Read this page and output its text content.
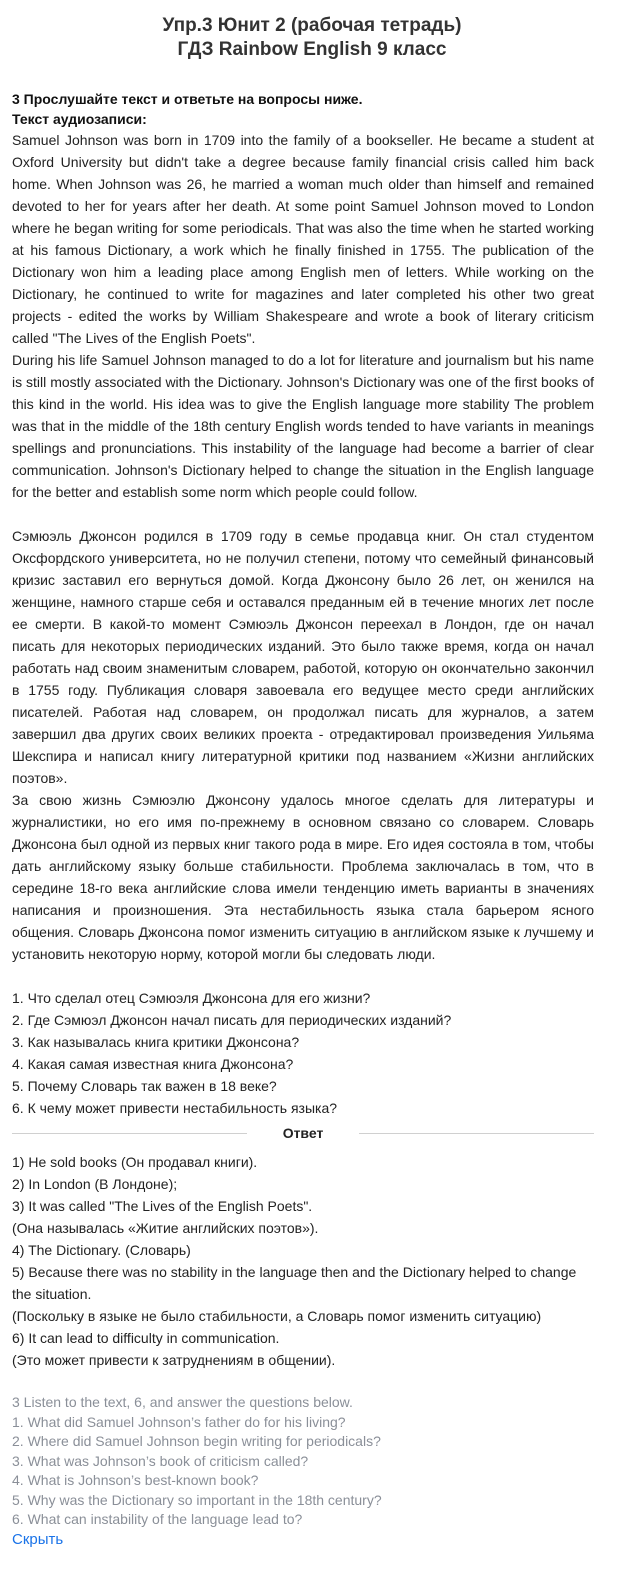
Упр.3 Юнит 2 (рабочая тетрадь)
ГДЗ Rainbow English 9 класс
3 Прослушайте текст и ответьте на вопросы ниже.
Текст аудиозаписи:

Samuel Johnson was born in 1709 into the family of a bookseller. He became a student at Oxford University but didn't take a degree because family financial crisis called him back home. When Johnson was 26, he married a woman much older than himself and remained devoted to her for years after her death. At some point Samuel Johnson moved to London where he began writing for some periodicals. That was also the time when he started working at his famous Dictionary, a work which he finally finished in 1755. The publication of the Dictionary won him a leading place among English men of letters. While working on the Dictionary, he continued to write for magazines and later completed his other two great projects - edited the works by William Shakespeare and wrote a book of literary criticism called "The Lives of the English Poets".

During his life Samuel Johnson managed to do a lot for literature and journalism but his name is still mostly associated with the Dictionary. Johnson's Dictionary was one of the first books of this kind in the world. His idea was to give the English language more stability The problem was that in the middle of the 18th century English words tended to have variants in meanings spellings and pronunciations. This instability of the language had become a barrier of clear communication. Johnson's Dictionary helped to change the situation in the English language for the better and establish some norm which people could follow.

Сэмюэль Джонсон родился в 1709 году в семье продавца книг. Он стал студентом Оксфордского университета, но не получил степени, потому что семейный финансовый кризис заставил его вернуться домой. Когда Джонсону было 26 лет, он женился на женщине, намного старше себя и оставался преданным ей в течение многих лет после ее смерти. В какой-то момент Сэмюэль Джонсон переехал в Лондон, где он начал писать для некоторых периодических изданий. Это было также время, когда он начал работать над своим знаменитым словарем, работой, которую он окончательно закончил в 1755 году. Публикация словаря завоевала его ведущее место среди английских писателей. Работая над словарем, он продолжал писать для журналов, а затем завершил два других своих великих проекта - отредактировал произведения Уильяма Шекспира и написал книгу литературной критики под названием «Жизни английских поэтов».

За свою жизнь Сэмюэлю Джонсону удалось многое сделать для литературы и журналистики, но его имя по-прежнему в основном связано со словарем. Словарь Джонсона был одной из первых книг такого рода в мире. Его идея состояла в том, чтобы дать английскому языку больше стабильности. Проблема заключалась в том, что в середине 18-го века английские слова имели тенденцию иметь варианты в значениях написания и произношения. Эта нестабильность языка стала барьером ясного общения. Словарь Джонсона помог изменить ситуацию в английском языке к лучшему и установить некоторую норму, которой могли бы следовать люди.

1. Что сделал отец Сэмюэля Джонсона для его жизни?
2. Где Сэмюэл Джонсон начал писать для периодических изданий?
3. Как называлась книга критики Джонсона?
4. Какая самая известная книга Джонсона?
5. Почему Словарь так важен в 18 веке?
6. К чему может привести нестабильность языка?
Ответ
1) He sold books (Он продавал книги).
2) In London (В Лондоне);
3) It was called "The Lives of the English Poets".
(Она называлась «Житие английских поэтов»).
4) The Dictionary. (Словарь)
5) Because there was no stability in the language then and the Dictionary helped to change the situation.
(Поскольку в языке не было стабильности, а Словарь помог изменить ситуацию)
6) It can lead to difficulty in communication.
(Это может привести к затруднениям в общении).
3 Listen to the text, 6, and answer the questions below.
1. What did Samuel Johnson’s father do for his living?
2. Where did Samuel Johnson begin writing for periodicals?
3. What was Johnson’s book of criticism called?
4. What is Johnson’s best-known book?
5. Why was the Dictionary so important in the 18th century?
6. What can instability of the language lead to?
Скрыть
